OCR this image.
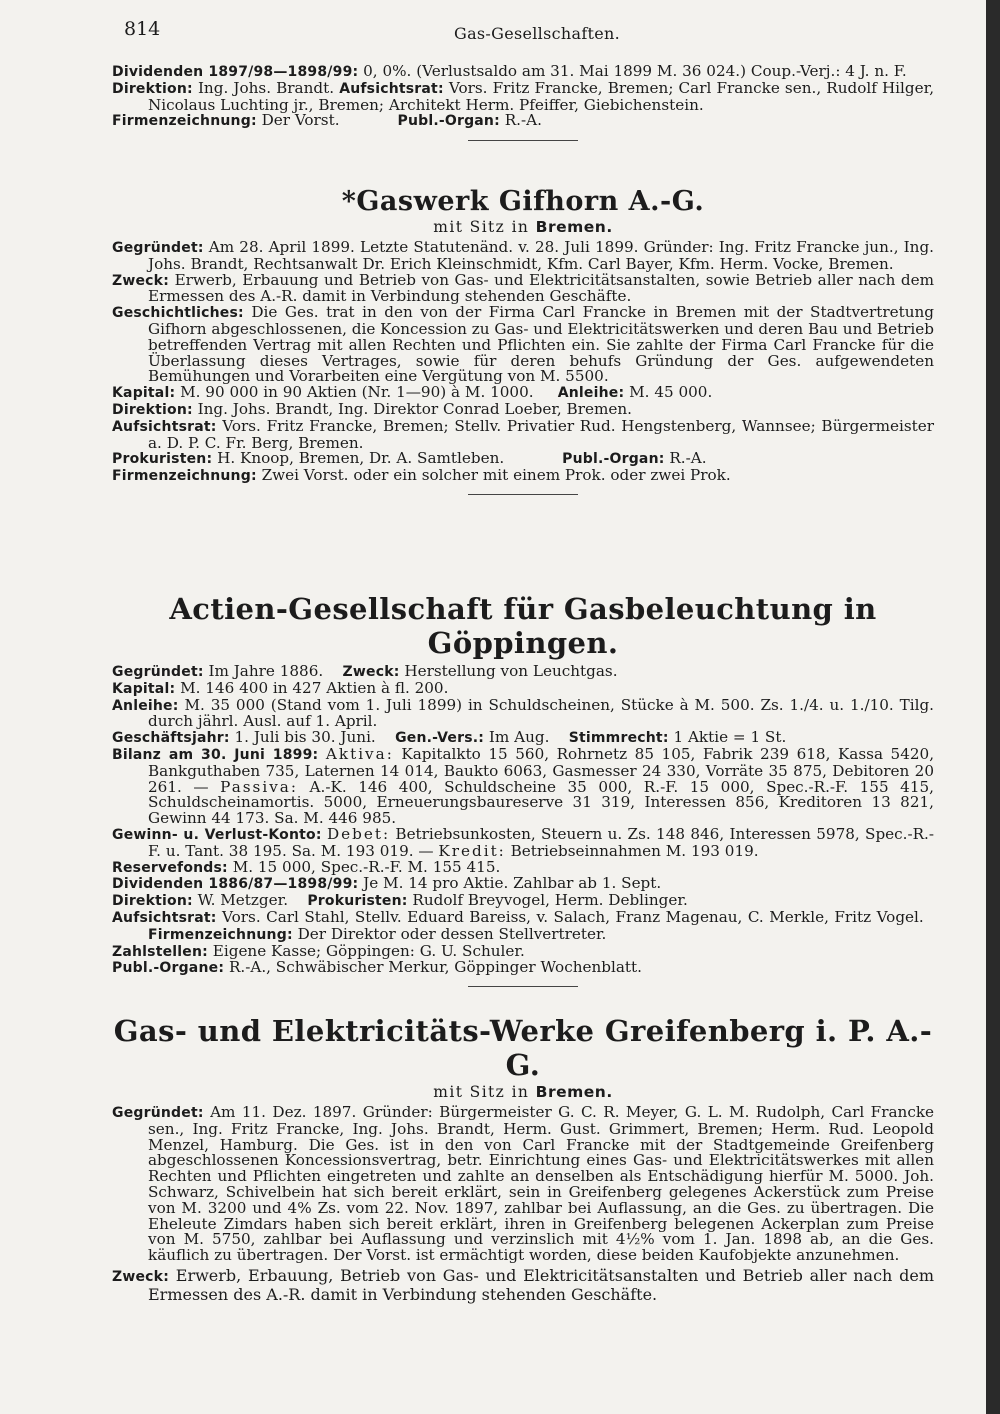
814	Gas-Gesellschaften.

Dividenden 1897/98—1898/99: 0, 0%. (Verlustsaldo am 31. Mai 1899 M. 36 024.) Coup.-Verj.: 4 J. n. F.

Direktion: Ing. Johs. Brandt. Aufsichtsrat: Vors. Fritz Francke, Bremen; Carl Francke sen., Rudolf Hilger, Nicolaus Luchting jr., Bremen; Architekt Herm. Pfeiffer, Giebichenstein.

Firmenzeichnung: Der Vorst.	Publ.-Organ: R.-A.

*Gaswerk Gifhorn A.-G.

mit Sitz in Bremen.

Gegründet: Am 28. April 1899. Letzte Statutenänd. v. 28. Juli 1899. Gründer: Ing. Fritz Francke jun., Ing. Johs. Brandt, Rechtsanwalt Dr. Erich Kleinschmidt, Kfm. Carl Bayer, Kfm. Herm. Vocke, Bremen.

Zweck: Erwerb, Erbauung und Betrieb von Gas- und Elektricitätsanstalten, sowie Betrieb aller nach dem Ermessen des A.-R. damit in Verbindung stehenden Geschäfte.

Geschichtliches: Die Ges. trat in den von der Firma Carl Francke in Bremen mit der Stadtvertretung Gifhorn abgeschlossenen, die Koncession zu Gas- und Elektricitätswerken und deren Bau und Betrieb betreffenden Vertrag mit allen Rechten und Pflichten ein. Sie zahlte der Firma Carl Francke für die Überlassung dieses Vertrages, sowie für deren behufs Gründung der Ges. aufgewendeten Bemühungen und Vorarbeiten eine Vergütung von M. 5500.

Kapital: M. 90 000 in 90 Aktien (Nr. 1—90) à M. 1000. Anleihe: M. 45 000.

Direktion: Ing. Johs. Brandt, Ing. Direktor Conrad Loeber, Bremen.

Aufsichtsrat: Vors. Fritz Francke, Bremen; Stellv. Privatier Rud. Hengstenberg, Wannsee; Bürgermeister a. D. P. C. Fr. Berg, Bremen.

Prokuristen: H. Knoop, Bremen, Dr. A. Samtleben.	Publ.-Organ: R.-A.

Firmenzeichnung: Zwei Vorst. oder ein solcher mit einem Prok. oder zwei Prok.

Actien-Gesellschaft für Gasbeleuchtung in Göppingen.

Gegründet: Im Jahre 1886. Zweck: Herstellung von Leuchtgas.

Kapital: M. 146 400 in 427 Aktien à fl. 200.

Anleihe: M. 35 000 (Stand vom 1. Juli 1899) in Schuldscheinen, Stücke à M. 500. Zs. 1./4. u. 1./10. Tilg. durch jährl. Ausl. auf 1. April.

Geschäftsjahr: 1. Juli bis 30. Juni. Gen.-Vers.: Im Aug. Stimmrecht: 1 Aktie = 1 St.

Bilanz am 30. Juni 1899: Aktiva: Kapitalkto 15 560, Rohrnetz 85 105, Fabrik 239 618, Kassa 5420, Bankguthaben 735, Laternen 14 014, Baukto 6063, Gasmesser 24 330, Vorräte 35 875, Debitoren 20 261. — Passiva: A.-K. 146 400, Schuldscheine 35 000, R.-F. 15 000, Spec.-R.-F. 155 415, Schuldscheinamortis. 5000, Erneuerungsbaureserve 31 319, Interessen 856, Kreditoren 13 821, Gewinn 44 173. Sa. M. 446 985.

Gewinn- u. Verlust-Konto: Debet: Betriebsunkosten, Steuern u. Zs. 148 846, Interessen 5978, Spec.-R.-F. u. Tant. 38 195. Sa. M. 193 019. — Kredit: Betriebseinnahmen M. 193 019.

Reservefonds: M. 15 000, Spec.-R.-F. M. 155 415.

Dividenden 1886/87—1898/99: Je M. 14 pro Aktie. Zahlbar ab 1. Sept.

Direktion: W. Metzger. Prokuristen: Rudolf Breyvogel, Herm. Deblinger.

Aufsichtsrat: Vors. Carl Stahl, Stellv. Eduard Bareiss, v. Salach, Franz Magenau, C. Merkle, Fritz Vogel.   Firmenzeichnung: Der Direktor oder dessen Stellvertreter.

Zahlstellen: Eigene Kasse; Göppingen: G. U. Schuler.

Publ.-Organe: R.-A., Schwäbischer Merkur, Göppinger Wochenblatt.

Gas- und Elektricitäts-Werke Greifenberg i. P. A.-G.

mit Sitz in Bremen.

Gegründet: Am 11. Dez. 1897. Gründer: Bürgermeister G. C. R. Meyer, G. L. M. Rudolph, Carl Francke sen., Ing. Fritz Francke, Ing. Johs. Brandt, Herm. Gust. Grimmert, Bremen; Herm. Rud. Leopold Menzel, Hamburg. Die Ges. ist in den von Carl Francke mit der Stadtgemeinde Greifenberg abgeschlossenen Koncessionsvertrag, betr. Einrichtung eines Gas- und Elektricitätswerkes mit allen Rechten und Pflichten eingetreten und zahlte an denselben als Entschädigung hierfür M. 5000. Joh. Schwarz, Schivelbein hat sich bereit erklärt, sein in Greifenberg gelegenes Ackerstück zum Preise von M. 3200 und 4% Zs. vom 22. Nov. 1897, zahlbar bei Auflassung, an die Ges. zu übertragen. Die Eheleute Zimdars haben sich bereit erklärt, ihren in Greifenberg belegenen Ackerplan zum Preise von M. 5750, zahlbar bei Auflassung und verzinslich mit 4½% vom 1. Jan. 1898 ab, an die Ges. käuflich zu übertragen. Der Vorst. ist ermächtigt worden, diese beiden Kaufobjekte anzunehmen.

Zweck: Erwerb, Erbauung, Betrieb von Gas- und Elektricitätsanstalten und Betrieb aller nach dem Ermessen des A.-R. damit in Verbindung stehenden Geschäfte.
